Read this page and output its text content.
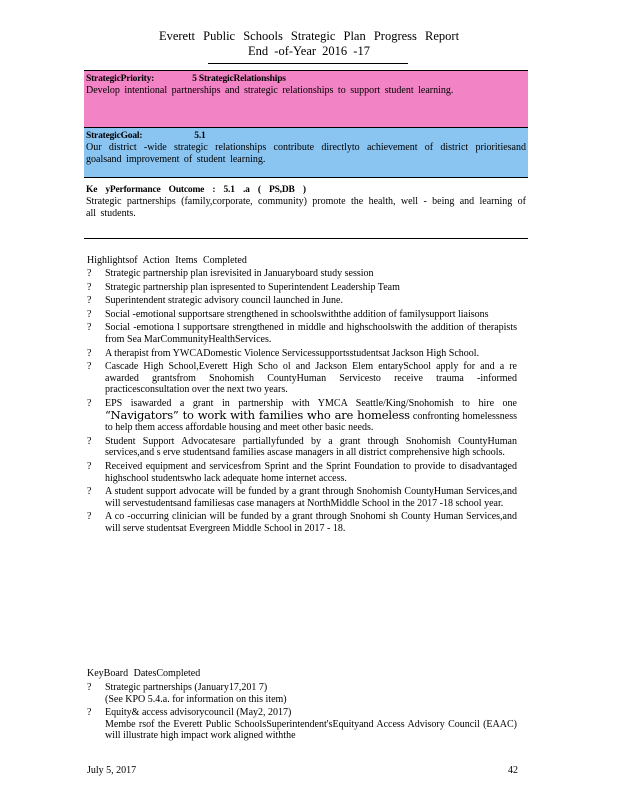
Everett Public Schools Strategic Plan Progress Report
End -of-Year 2016 -17
StrategicPriority:	5 StrategicRelationships
Develop intentional partnerships and strategic relationships to support student learning.
StrategicGoal:	5.1
Our district -wide strategic relationships contribute directlyto achievement of district prioritiesand goalsand improvement of student learning.
Ke yPerformance Outcome : 5.1 .a ( PS,DB )
Strategic partnerships (family,corporate, community) promote the health, well - being and learning of all students.
Highlightsof Action Items Completed
? Strategic partnership plan isrevisited in Januaryboard study session
? Strategic partnership plan ispresented to Superintendent Leadership Team
? Superintendent strategic advisory council launched in June.
? Social -emotional supportsare strengthened in schoolswiththe addition of familysupport liaisons
? Social -emotiona l supportsare strengthened in middle and highschoolswith the addition of therapists from Sea MarCommunityHealthServices.
? A therapist from YWCADomestic Violence Servicessupportsstudentsat Jackson High School.
? Cascade High School,Everett High Scho ol and Jackson Elem entarySchool apply for and a re awarded grantsfrom Snohomish CountyHuman Servicesto receive trauma -informed practicesconsultation over the next two years.
? EPS isawarded a grant in partnership with YMCA Seattle/King/Snohomish to hire one “Navigators” to work with families who are homeless confronting homelessness to help them access affordable housing and meet other basic needs.
? Student Support Advocatesare partiallyfunded by a grant through Snohomish CountyHuman services,and s erve studentsand families ascase managers in all district comprehensive high schools.
? Received equipment and servicesfrom Sprint and the Sprint Foundation to provide to disadvantaged highschool studentswho lack adequate home internet access.
? A student support advocate will be funded by a grant through Snohomish CountyHuman Services,and will servestudentsand familiesas case managers at NorthMiddle School in the 2017 -18 school year.
? A co -occurring clinician will be funded by a grant through Snohomi sh County Human Services,and will serve studentsat Evergreen Middle School in 2017 - 18.
KeyBoard DatesCompleted
? Strategic partnerships (January17,201 7)
(See KPO 5.4.a. for information on this item)
? Equity& access advisorycouncil (May2, 2017)
Membe rsof the Everett Public SchoolsSuperintendent'sEquityand Access Advisory Council (EAAC) will illustrate high impact work aligned withthe
July 5, 2017	42
